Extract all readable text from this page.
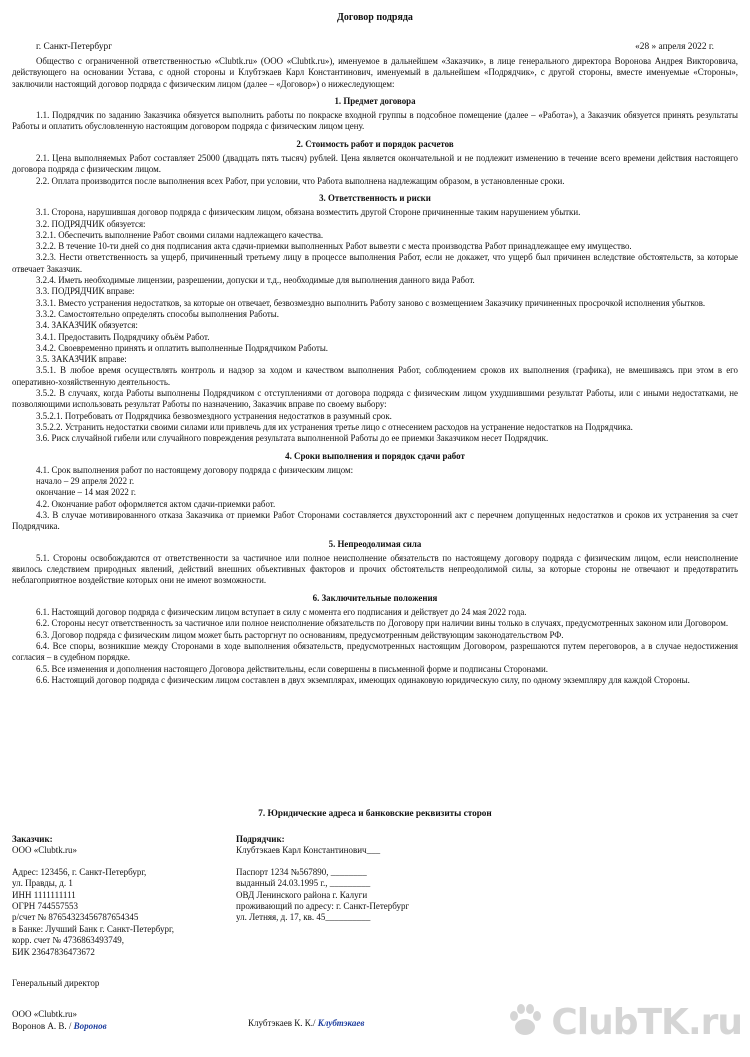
Договор подряда
г. Санкт-Петербург	«28 » апреля 2022 г.

Общество с ограниченной ответственностью «Clubtk.ru» (ООО «Clubtk.ru»), именуемое в дальнейшем «Заказчик», в лице генерального директора Воронова Андрея Викторовича, действующего на основании Устава, с одной стороны и Клубтэкаев Карл Константинович, именуемый в дальнейшем «Подрядчик», с другой стороны, вместе именуемые «Стороны», заключили настоящий договор подряда с физическим лицом (далее – «Договор») о нижеследующем:

1. Предмет договора

1.1. Подрядчик по заданию Заказчика обязуется выполнить работы по покраске входной группы в подсобное помещение (далее – «Работа»), а Заказчик обязуется принять результаты Работы и оплатить обусловленную настоящим договором подряда с физическим лицом цену.

2. Стоимость работ и порядок расчетов

2.1. Цена выполняемых Работ составляет 25000 (двадцать пять тысяч) рублей. Цена является окончательной и не подлежит изменению в течение всего времени действия настоящего договора подряда с физическим лицом.

2.2. Оплата производится после выполнения всех Работ, при условии, что Работа выполнена надлежащим образом, в установленные сроки.

3. Ответственность и риски

3.1. Сторона, нарушившая договор подряда с физическим лицом, обязана возместить другой Стороне причиненные таким нарушением убытки.

3.2. ПОДРЯДЧИК обязуется:

3.2.1. Обеспечить выполнение Работ своими силами надлежащего качества.

3.2.2. В течение 10-ти дней со дня подписания акта сдачи-приемки выполненных Работ вывезти с места производства Работ принадлежащее ему имущество.

3.2.3. Нести ответственность за ущерб, причиненный третьему лицу в процессе выполнения Работ, если не докажет, что ущерб был причинен вследствие обстоятельств, за которые отвечает Заказчик.

3.2.4. Иметь необходимые лицензии, разрешении, допуски и т.д., необходимые для выполнения данного вида Работ.

3.3. ПОДРЯДЧИК вправе:

3.3.1. Вместо устранения недостатков, за которые он отвечает, безвозмездно выполнить Работу заново с возмещением Заказчику причиненных просрочкой исполнения убытков.

3.3.2. Самостоятельно определять способы выполнения Работы.

3.4. ЗАКАЗЧИК обязуется:

3.4.1. Предоставить Подрядчику объём Работ.

3.4.2. Своевременно принять и оплатить выполненные Подрядчиком Работы.

3.5. ЗАКАЗЧИК вправе:

3.5.1. В любое время осуществлять контроль и надзор за ходом и качеством выполнения Работ, соблюдением сроков их выполнения (графика), не вмешиваясь при этом в его оперативно-хозяйственную деятельность.

3.5.2. В случаях, когда Работы выполнены Подрядчиком с отступлениями от договора подряда с физическим лицом ухудшившими результат Работы, или с иными недостатками, не позволяющими использовать результат Работы по назначению, Заказчик вправе по своему выбору:

3.5.2.1. Потребовать от Подрядчика безвозмездного устранения недостатков в разумный срок.

3.5.2.2. Устранить недостатки своими силами или привлечь для их устранения третье лицо с отнесением расходов на устранение недостатков на Подрядчика.

3.6. Риск случайной гибели или случайного повреждения результата выполненной Работы до ее приемки Заказчиком несет Подрядчик.

4. Сроки выполнения и порядок сдачи работ

4.1. Срок выполнения работ по настоящему договору подряда с физическим лицом:

начало – 29 апреля 2022 г.

окончание – 14 мая 2022 г.

4.2. Окончание работ оформляется актом сдачи-приемки работ.

4.3. В случае мотивированного отказа Заказчика от приемки Работ Сторонами составляется двухсторонний акт с перечнем допущенных недостатков и сроков их устранения за счет Подрядчика.

5. Непреодолимая сила

5.1. Стороны освобождаются от ответственности за частичное или полное неисполнение обязательств по настоящему договору подряда с физическим лицом, если неисполнение явилось следствием природных явлений, действий внешних объективных факторов и прочих обстоятельств непреодолимой силы, за которые стороны не отвечают и предотвратить неблагоприятное воздействие которых они не имеют возможности.

6. Заключительные положения

6.1. Настоящий договор подряда с физическим лицом вступает в силу с момента его подписания и действует до 24 мая 2022 года.

6.2. Стороны несут ответственность за частичное или полное неисполнение обязательств по Договору при наличии вины только в случаях, предусмотренных законом или Договором.

6.3. Договор подряда с физическим лицом может быть расторгнут по основаниям, предусмотренным действующим законодательством РФ.

6.4. Все споры, возникшие между Сторонами в ходе выполнения обязательств, предусмотренных настоящим Договором, разрешаются путем переговоров, а в случае недостижения согласия – в судебном порядке.

6.5. Все изменения и дополнения настоящего Договора действительны, если совершены в письменной форме и подписаны Сторонами.

6.6. Настоящий договор подряда с физическим лицом составлен в двух экземплярах, имеющих одинаковую юридическую силу, по одному экземпляру для каждой Стороны.

7. Юридические адреса и банковские реквизиты сторон
Заказчик:
ООО «Clubtk.ru»
Адрес: 123456, г. Санкт-Петербург,
ул. Правды, д. 1
ИНН 1111111111
ОГРН 744557553
р/счет № 87654323456787654345
в Банке: Лучший Банк г. Санкт-Петербург,
корр. счет № 4736863493749,
БИК 23647836473672
Генеральный директор
ООО «Clubtk.ru»
Воронов А. В. / Воронов
Подрядчик:
Клубтэкаев Карл Константинович___
Паспорт 1234 №567890, ________
выданный 24.03.1995 г., _________
ОВД Ленинского района г. Калуги
проживающий по адресу: г. Санкт-Петербург
ул. Летняя, д. 17, кв. 45__________
Клубтэкаев К. К./ Клубтэкаев	ClubTK.ru
